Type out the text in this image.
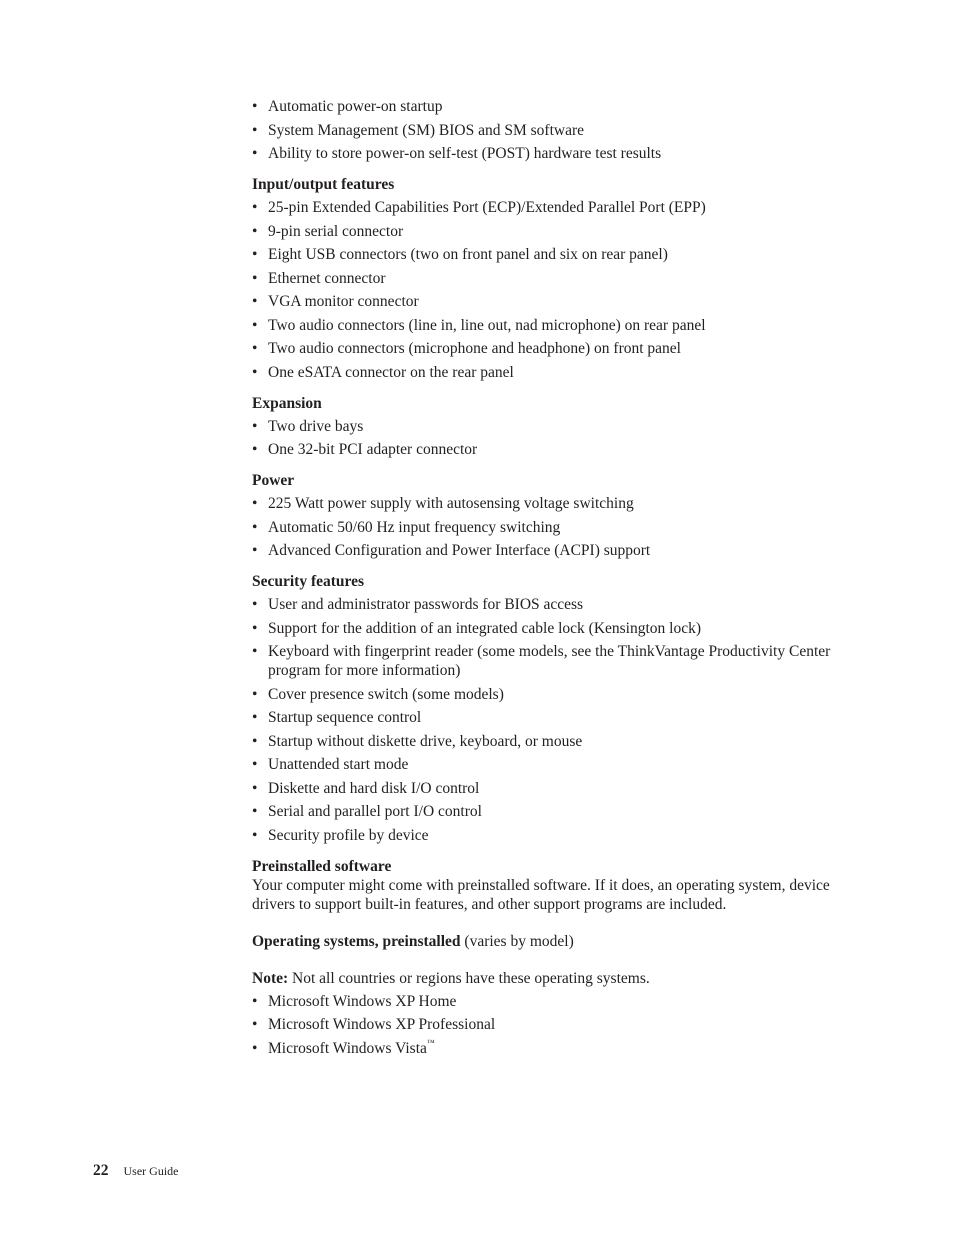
• Automatic power-on startup
• System Management (SM) BIOS and SM software
• Ability to store power-on self-test (POST) hardware test results
Input/output features
• 25-pin Extended Capabilities Port (ECP)/Extended Parallel Port (EPP)
• 9-pin serial connector
• Eight USB connectors (two on front panel and six on rear panel)
• Ethernet connector
• VGA monitor connector
• Two audio connectors (line in, line out, nad microphone) on rear panel
• Two audio connectors (microphone and headphone) on front panel
• One eSATA connector on the rear panel
Expansion
• Two drive bays
• One 32-bit PCI adapter connector
Power
• 225 Watt power supply with autosensing voltage switching
• Automatic 50/60 Hz input frequency switching
• Advanced Configuration and Power Interface (ACPI) support
Security features
• User and administrator passwords for BIOS access
• Support for the addition of an integrated cable lock (Kensington lock)
• Keyboard with fingerprint reader (some models, see the ThinkVantage Productivity Center program for more information)
• Cover presence switch (some models)
• Startup sequence control
• Startup without diskette drive, keyboard, or mouse
• Unattended start mode
• Diskette and hard disk I/O control
• Serial and parallel port I/O control
• Security profile by device
Preinstalled software

Your computer might come with preinstalled software. If it does, an operating system, device drivers to support built-in features, and other support programs are included.

Operating systems, preinstalled (varies by model)

Note: Not all countries or regions have these operating systems.

• Microsoft Windows XP Home
• Microsoft Windows XP Professional
• Microsoft Windows Vista™
22 User Guide
